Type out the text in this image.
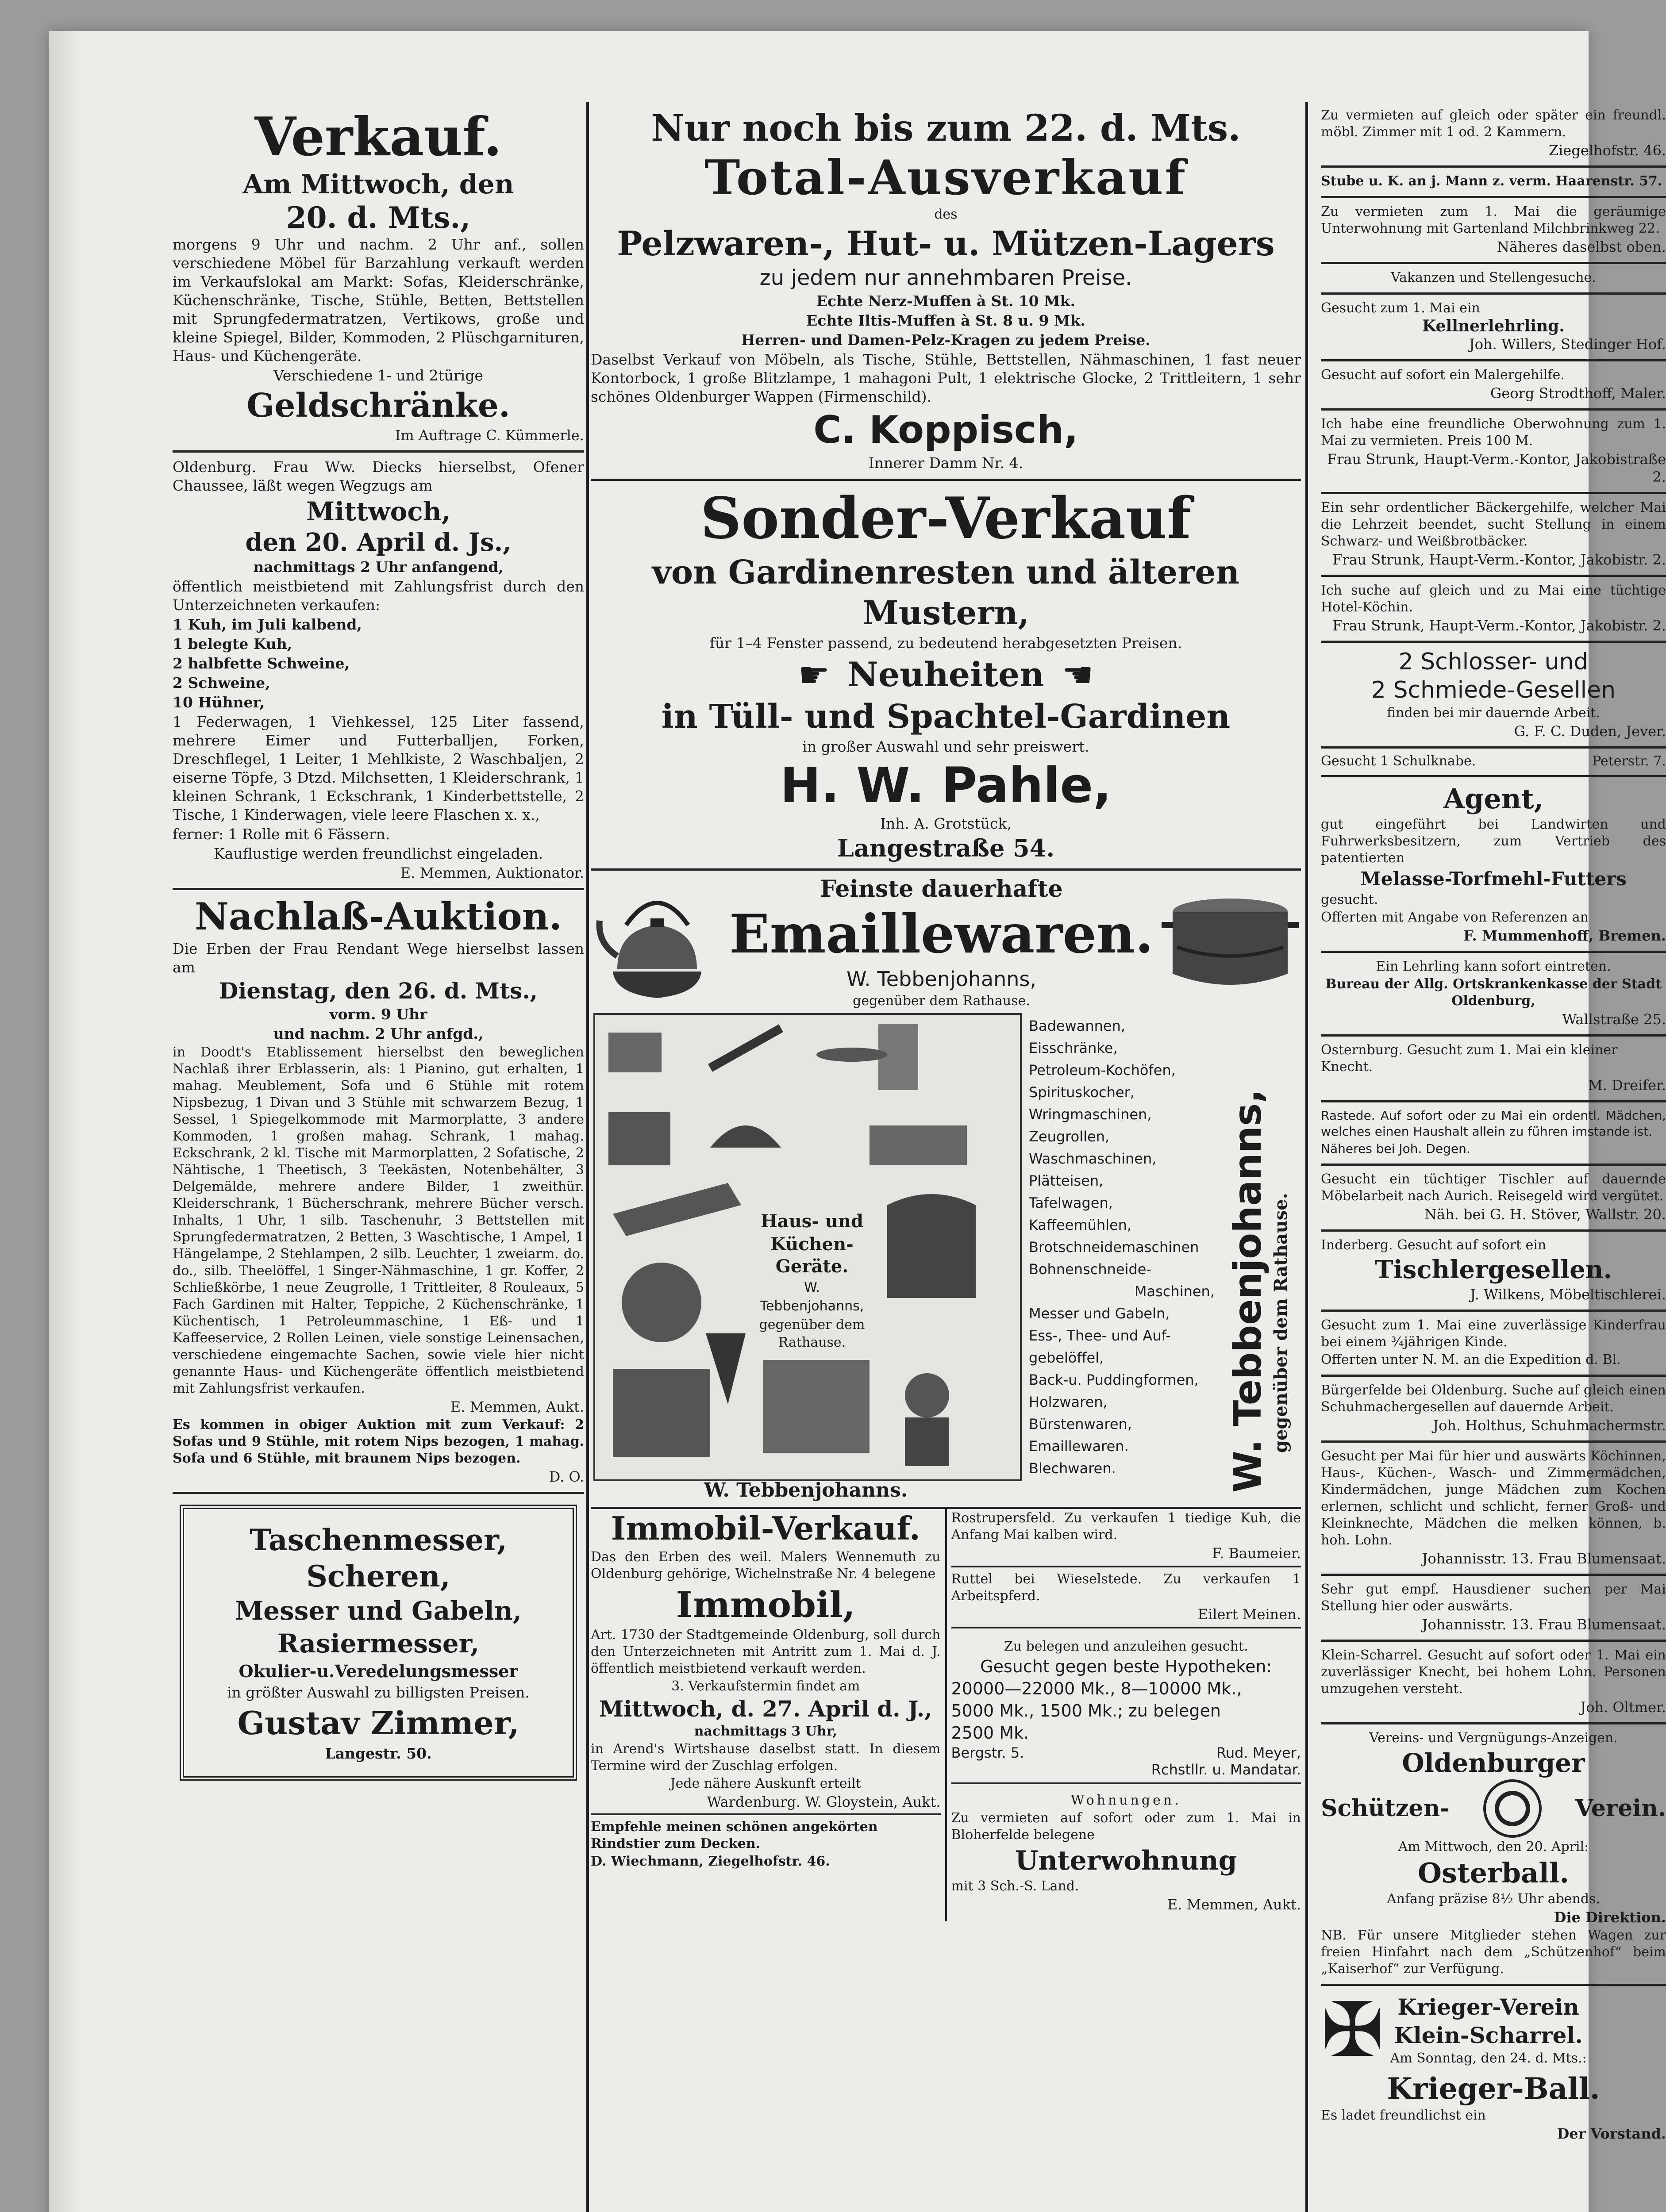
Verkauf.

Am Mittwoch, den

20. d. Mts.,

morgens 9 Uhr und nachm. 2 Uhr anf., sollen verschiedene Möbel für Barzahlung verkauft werden im Verkaufslokal am Markt: Sofas, Kleiderschränke, Küchenschränke, Tische, Stühle, Betten, Bettstellen mit Sprungfedermatratzen, Vertikows, große und kleine Spiegel, Bilder, Kommoden, 2 Plüschgarnituren, Haus- und Küchengeräte.

Verschiedene 1- und 2türige

Geldschränke.

Im Auftrage C. Kümmerle.

Oldenburg. Frau Ww. Diecks hierselbst, Ofener Chaussee, läßt wegen Wegzugs am

Mittwoch,

den 20. April d. Js.,

nachmittags 2 Uhr anfangend,

öffentlich meistbietend mit Zahlungsfrist durch den Unterzeichneten verkaufen:

1 Kuh, im Juli kalbend,

1 belegte Kuh,

2 halbfette Schweine,

2 Schweine,

10 Hühner,

1 Federwagen, 1 Viehkessel, 125 Liter fassend, mehrere Eimer und Futterballjen, Forken, Dreschflegel, 1 Leiter, 1 Mehlkiste, 2 Waschbaljen, 2 eiserne Töpfe, 3 Dtzd. Milchsetten, 1 Kleiderschrank, 1 kleinen Schrank, 1 Eckschrank, 1 Kinderbettstelle, 2 Tische, 1 Kinderwagen, viele leere Flaschen x. x.,

ferner: 1 Rolle mit 6 Fässern.

Kauflustige werden freundlichst eingeladen.

E. Memmen, Auktionator.

Nachlaß-Auktion.

Die Erben der Frau Rendant Wege hierselbst lassen am

Dienstag, den 26. d. Mts.,

vorm. 9 Uhr

und nachm. 2 Uhr anfgd.,

in Doodt's Etablissement hierselbst den beweglichen Nachlaß ihrer Erblasserin, als: 1 Pianino, gut erhalten, 1 mahag. Meublement, Sofa und 6 Stühle mit rotem Nipsbezug, 1 Divan und 3 Stühle mit schwarzem Bezug, 1 Sessel, 1 Spiegelkommode mit Marmorplatte, 3 andere Kommoden, 1 großen mahag. Schrank, 1 mahag. Eckschrank, 2 kl. Tische mit Marmorplatten, 2 Sofatische, 2 Nähtische, 1 Theetisch, 3 Teekästen, Notenbehälter, 3 Delgemälde, mehrere andere Bilder, 1 zweithür. Kleiderschrank, 1 Bücherschrank, mehrere Bücher versch. Inhalts, 1 Uhr, 1 silb. Taschenuhr, 3 Bettstellen mit Sprungfedermatratzen, 2 Betten, 3 Waschtische, 1 Ampel, 1 Hängelampe, 2 Stehlampen, 2 silb. Leuchter, 1 zweiarm. do. do., silb. Theelöffel, 1 Singer-Nähmaschine, 1 gr. Koffer, 2 Schließkörbe, 1 neue Zeugrolle, 1 Trittleiter, 8 Rouleaux, 5 Fach Gardinen mit Halter, Teppiche, 2 Küchenschränke, 1 Küchentisch, 1 Petroleummaschine, 1 Eß- und 1 Kaffeeservice, 2 Rollen Leinen, viele sonstige Leinensachen, verschiedene eingemachte Sachen, sowie viele hier nicht genannte Haus- und Küchengeräte öffentlich meistbietend mit Zahlungsfrist verkaufen.

E. Memmen, Aukt.

Es kommen in obiger Auktion mit zum Verkauf: 2 Sofas und 9 Stühle, mit rotem Nips bezogen, 1 mahag. Sofa und 6 Stühle, mit braunem Nips bezogen.

D. O.

Taschenmesser,

Scheren,

Messer und Gabeln,

Rasiermesser,

Okulier-u.Veredelungsmesser

in größter Auswahl zu billigsten Preisen.

Gustav Zimmer,

Langestr. 50.

Nur noch bis zum 22. d. Mts.

Total-Ausverkauf

des

Pelzwaren-, Hut- u. Mützen-Lagers

zu jedem nur annehmbaren Preise.

Echte Nerz-Muffen à St. 10 Mk.

Echte Iltis-Muffen à St. 8 u. 9 Mk.

Herren- und Damen-Pelz-Kragen zu jedem Preise.

Daselbst Verkauf von Möbeln, als Tische, Stühle, Bettstellen, Nähmaschinen, 1 fast neuer Kontorbock, 1 große Blitzlampe, 1 mahagoni Pult, 1 elektrische Glocke, 2 Trittleitern, 1 sehr schönes Oldenburger Wappen (Firmenschild).

C. Koppisch,

Innerer Damm Nr. 4.

Sonder-Verkauf

von Gardinenresten und älteren

Mustern,

für 1–4 Fenster passend, zu bedeutend herabgesetzten Preisen.

☛ Neuheiten ☚

in Tüll- und Spachtel-Gardinen

in großer Auswahl und sehr preiswert.

H. W. Pahle,

Inh. A. Grotstück,

Langestraße 54.

Feinste dauerhafte

Emaillewaren.

W. Tebbenjohanns,

gegenüber dem Rathause.

Haus- und

Küchen-Geräte.

W. Tebbenjohanns,

gegenüber dem

Rathause.

W. Tebbenjohanns.
Badewannen,
Eisschränke,
Petroleum-Kochöfen,
Spirituskocher,
Wringmaschinen,
Zeugrollen,
Waschmaschinen,
Plätteisen,
Tafelwagen,
Kaffeemühlen,
Brotschneidemaschinen
Bohnenschneide-
Maschinen,
Messer und Gabeln,
Ess-, Thee- und Auf-
gebelöffel,
Back-u. Puddingformen,
Holzwaren,
Bürstenwaren,
Emaillewaren.
Blechwaren.	W. Tebbenjohanns, gegenüber dem Rathause.

Immobil-Verkauf.

Das den Erben des weil. Malers Wennemuth zu Oldenburg gehörige, Wichelnstraße Nr. 4 belegene

Immobil,

Art. 1730 der Stadtgemeinde Oldenburg, soll durch den Unterzeichneten mit Antritt zum 1. Mai d. J. öffentlich meistbietend verkauft werden.

3. Verkaufstermin findet am

Mittwoch, d. 27. April d. J.,

nachmittags 3 Uhr,

in Arend's Wirtshause daselbst statt. In diesem Termine wird der Zuschlag erfolgen.

Jede nähere Auskunft erteilt

Wardenburg. W. Gloystein, Aukt.

Empfehle meinen schönen angekörten Rindstier zum Decken.

D. Wiechmann, Ziegelhofstr. 46.

Rostrupersfeld. Zu verkaufen 1 tiedige Kuh, die Anfang Mai kalben wird.

F. Baumeier.

Ruttel bei Wieselstede. Zu verkaufen 1 Arbeitspferd.

Eilert Meinen.

Zu belegen und anzuleihen gesucht.

Gesucht gegen beste Hypotheken:

20000—22000 Mk., 8—10000 Mk.,

5000 Mk., 1500 Mk.; zu belegen

2500 Mk.

Bergstr. 5.	Rud. Meyer,
Rchstllr. u. Mandatar.

Wohnungen.

Zu vermieten auf sofort oder zum 1. Mai in Bloherfelde belegene

Unterwohnung

mit 3 Sch.-S. Land.

E. Memmen, Aukt.

Zu vermieten auf gleich oder später ein freundl. möbl. Zimmer mit 1 od. 2 Kammern.

Ziegelhofstr. 46.

Stube u. K. an j. Mann z. verm. Haarenstr. 57.

Zu vermieten zum 1. Mai die geräumige Unterwohnung mit Gartenland Milchbrinkweg 22.

Näheres daselbst oben.

Vakanzen und Stellengesuche.

Gesucht zum 1. Mai ein

Kellnerlehrling.

Joh. Willers, Stedinger Hof.

Gesucht auf sofort ein Malergehilfe.

Georg Strodthoff, Maler.

Ich habe eine freundliche Oberwohnung zum 1. Mai zu vermieten. Preis 100 M.

Frau Strunk, Haupt-Verm.-Kontor, Jakobistraße 2.

Ein sehr ordentlicher Bäckergehilfe, welcher Mai die Lehrzeit beendet, sucht Stellung in einem Schwarz- und Weißbrotbäcker.

Frau Strunk, Haupt-Verm.-Kontor, Jakobistr. 2.

Ich suche auf gleich und zu Mai eine tüchtige Hotel-Köchin.

Frau Strunk, Haupt-Verm.-Kontor, Jakobistr. 2.

2 Schlosser- und

2 Schmiede-Gesellen

finden bei mir dauernde Arbeit.

G. F. C. Duden, Jever.

Gesucht 1 Schulknabe.	Peterstr. 7.

Agent,

gut eingeführt bei Landwirten und Fuhrwerksbesitzern, zum Vertrieb des patentierten

Melasse-Torfmehl-Futters

gesucht.

Offerten mit Angabe von Referenzen an

F. Mummenhoff, Bremen.

Ein Lehrling kann sofort eintreten.

Bureau der Allg. Ortskrankenkasse der Stadt Oldenburg,

Wallstraße 25.

Osternburg. Gesucht zum 1. Mai ein kleiner Knecht.

M. Dreifer.

Rastede. Auf sofort oder zu Mai ein ordentl. Mädchen, welches einen Haushalt allein zu führen imstande ist.

Näheres bei Joh. Degen.

Gesucht ein tüchtiger Tischler auf dauernde Möbelarbeit nach Aurich. Reisegeld wird vergütet.

Näh. bei G. H. Stöver, Wallstr. 20.

Inderberg. Gesucht auf sofort ein

Tischlergesellen.

J. Wilkens, Möbeltischlerei.

Gesucht zum 1. Mai eine zuverlässige Kinderfrau bei einem ¾jährigen Kinde.

Offerten unter N. M. an die Expedition d. Bl.

Bürgerfelde bei Oldenburg. Suche auf gleich einen Schuhmachergesellen auf dauernde Arbeit.

Joh. Holthus, Schuhmachermstr.

Gesucht per Mai für hier und auswärts Köchinnen, Haus-, Küchen-, Wasch- und Zimmermädchen, Kindermädchen, junge Mädchen zum Kochen erlernen, schlicht und schlicht, ferner Groß- und Kleinknechte, Mädchen die melken können, b. hoh. Lohn.

Johannisstr. 13. Frau Blumensaat.

Sehr gut empf. Hausdiener suchen per Mai Stellung hier oder auswärts.

Johannisstr. 13. Frau Blumensaat.

Klein-Scharrel. Gesucht auf sofort oder 1. Mai ein zuverlässiger Knecht, bei hohem Lohn. Personen umzugehen versteht.

Joh. Oltmer.

Vereins- und Vergnügungs-Anzeigen.

Oldenburger

Schützen-	Verein.

Am Mittwoch, den 20. April:

Osterball.

Anfang präzise 8½ Uhr abends.

Die Direktion.

NB. Für unsere Mitglieder stehen Wagen zur freien Hinfahrt nach dem „Schützenhof“ beim „Kaiserhof“ zur Verfügung.

✠ Krieger-Verein

Klein-Scharrel.

Am Sonntag, den 24. d. Mts.:

Krieger-Ball.

Es ladet freundlichst ein

Der Vorstand.
